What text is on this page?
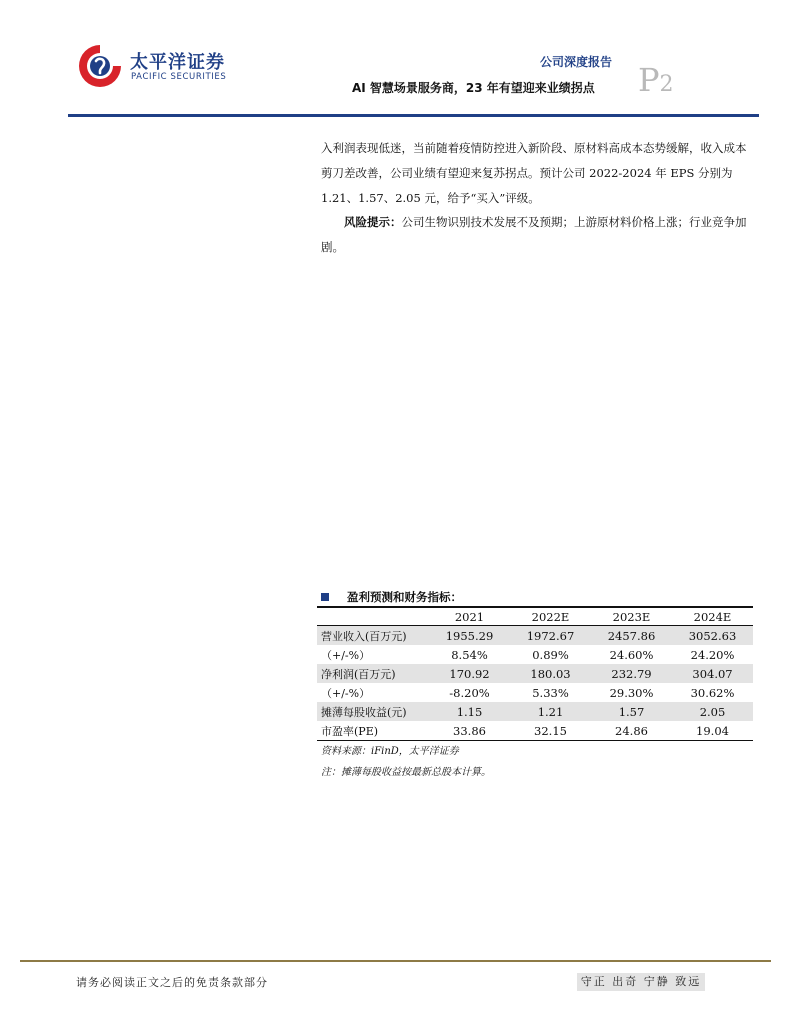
太平洋证券
PACIFIC SECURITIES
公司深度报告
AI 智慧场景服务商，23 年有望迎来业绩拐点 P2

入利润表现低迷，当前随着疫情防控进入新阶段、原材料高成本态势缓解，收入成本剪刀差改善，公司业绩有望迎来复苏拐点。预计公司 2022-2024 年 EPS 分别为 1.21、1.57、2.05 元，给予“买入”评级。

风险提示：公司生物识别技术发展不及预期；上游原材料价格上涨；行业竞争加剧。

盈利预测和财务指标：
	2021	2022E	2023E	2024E
营业收入(百万元)	1955.29	1972.67	2457.86	3052.63
（+/-%）	8.54%	0.89%	24.60%	24.20%
净利润(百万元)	170.92	180.03	232.79	304.07
（+/-%）	-8.20%	5.33%	29.30%	30.62%
摊薄每股收益(元)	1.15	1.21	1.57	2.05
市盈率(PE)	33.86	32.15	24.86	19.04
资料来源：iFinD，太平洋证券
注：摊薄每股收益按最新总股本计算。
请务必阅读正文之后的免责条款部分	守正 出奇 宁静 致远
